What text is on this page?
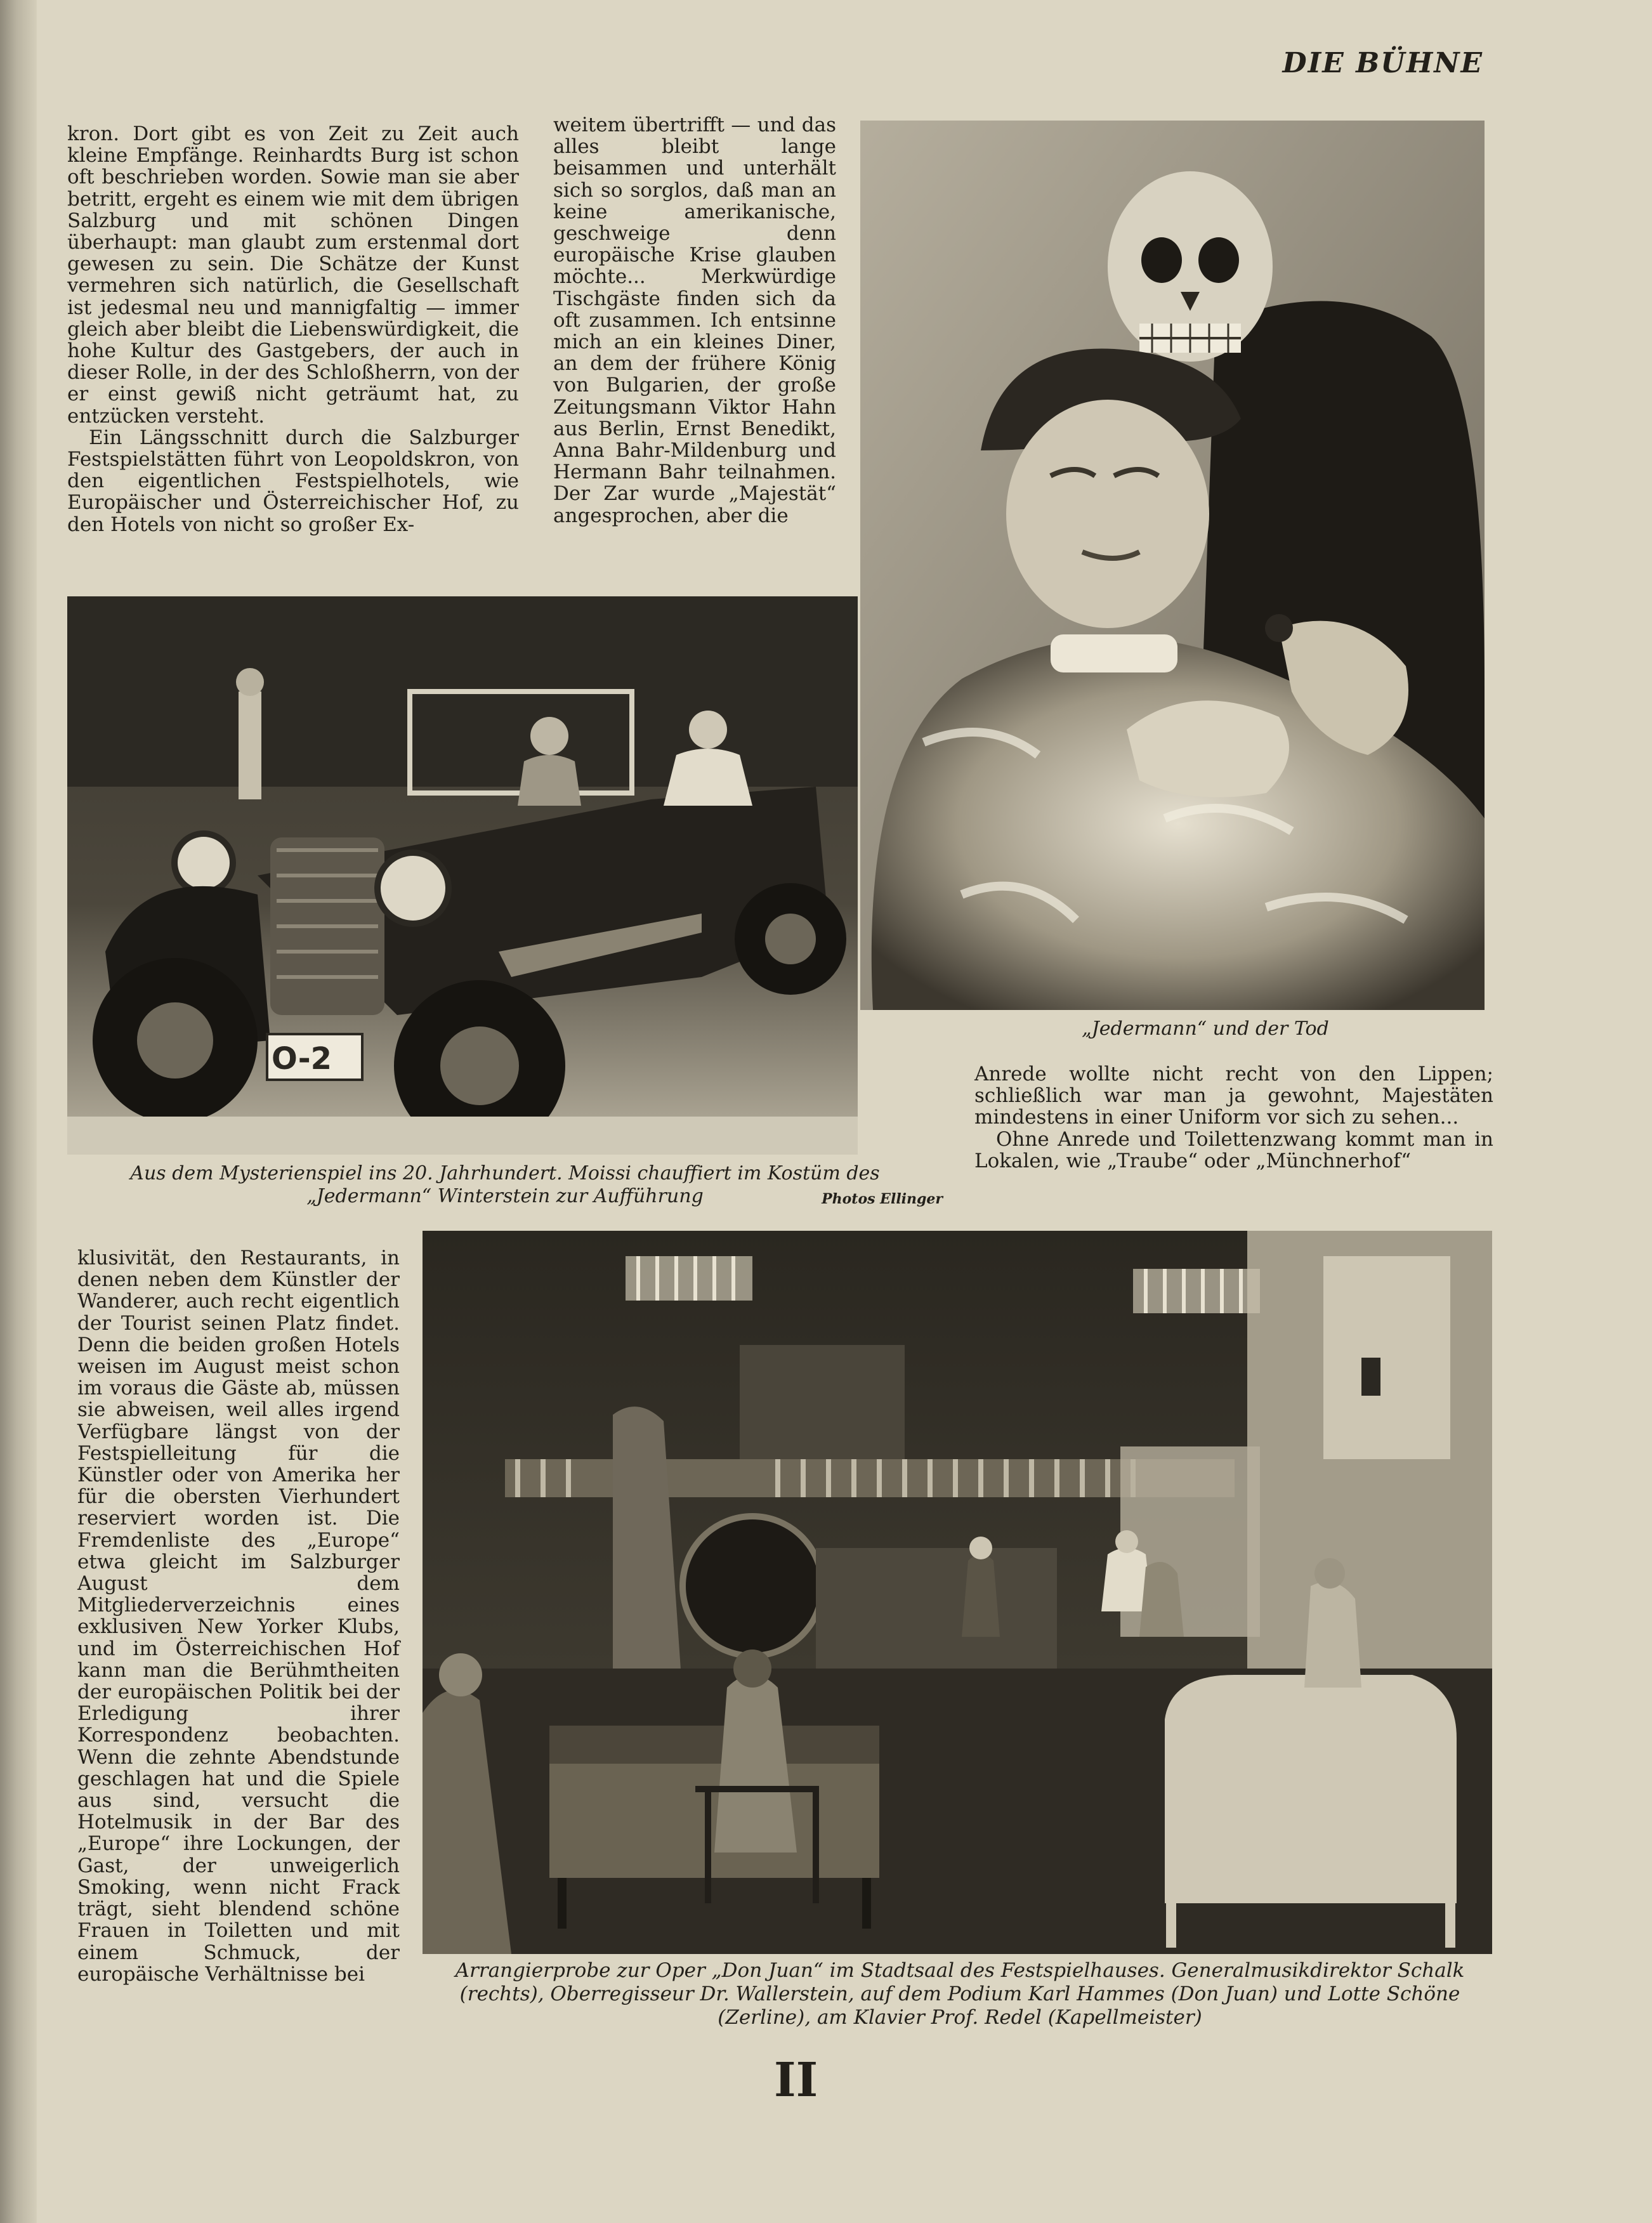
DIE BÜHNE

kron. Dort gibt es von Zeit zu Zeit auch kleine Empfänge. Reinhardts Burg ist schon oft beschrieben worden. Sowie man sie aber betritt, ergeht es einem wie mit dem übrigen Salzburg und mit schönen Dingen überhaupt: man glaubt zum erstenmal dort gewesen zu sein. Die Schätze der Kunst vermehren sich natürlich, die Gesellschaft ist jedesmal neu und mannigfaltig — immer gleich aber bleibt die Liebenswürdigkeit, die hohe Kultur des Gastgebers, der auch in dieser Rolle, in der des Schloßherrn, von der er einst gewiß nicht geträumt hat, zu entzücken versteht.

Ein Längsschnitt durch die Salzburger Festspielstätten führt von Leopoldskron, von den eigentlichen Festspielhotels, wie Europäischer und Österreichischer Hof, zu den Hotels von nicht so großer Ex-

weitem übertrifft — und das alles bleibt lange beisammen und unterhält sich so sorglos, daß man an keine amerikanische, geschweige denn europäische Krise glauben möchte... Merkwürdige Tischgäste finden sich da oft zusammen. Ich entsinne mich an ein kleines Diner, an dem der frühere König von Bulgarien, der große Zeitungsmann Viktor Hahn aus Berlin, Ernst Benedikt, Anna Bahr-Mildenburg und Hermann Bahr teilnahmen. Der Zar wurde „Majestät“ angesprochen, aber die

O-2
Aus dem Mysterienspiel ins 20. Jahrhundert. Moissi chauffiert im Kostüm des
„Jedermann“ Winterstein zur Aufführung	Photos Ellinger
„Jedermann“ und der Tod

Anrede wollte nicht recht von den Lippen; schließlich war man ja gewohnt, Majestäten mindestens in einer Uniform vor sich zu sehen...

Ohne Anrede und Toilettenzwang kommt man in Lokalen, wie „Traube“ oder „Münchnerhof“

klusivität, den Restaurants, in denen neben dem Künstler der Wanderer, auch recht eigentlich der Tourist seinen Platz findet. Denn die beiden großen Hotels weisen im August meist schon im voraus die Gäste ab, müssen sie abweisen, weil alles irgend Verfügbare längst von der Festspielleitung für die Künstler oder von Amerika her für die obersten Vierhundert reserviert worden ist. Die Fremdenliste des „Europe“ etwa gleicht im Salzburger August dem Mitgliederverzeichnis eines exklusiven New Yorker Klubs, und im Österreichischen Hof kann man die Berühmtheiten der europäischen Politik bei der Erledigung ihrer Korrespondenz beobachten. Wenn die zehnte Abendstunde geschlagen hat und die Spiele aus sind, versucht die Hotelmusik in der Bar des „Europe“ ihre Lockungen, der Gast, der unweigerlich Smoking, wenn nicht Frack trägt, sieht blendend schöne Frauen in Toiletten und mit einem Schmuck, der europäische Verhältnisse bei	Arrangierprobe zur Oper „Don Juan“ im Stadtsaal des Festspielhauses. Generalmusikdirektor Schalk (rechts), Oberregisseur Dr. Wallerstein, auf dem Podium Karl Hammes (Don Juan) und Lotte Schöne (Zerline), am Klavier Prof. Redel (Kapellmeister)
II
